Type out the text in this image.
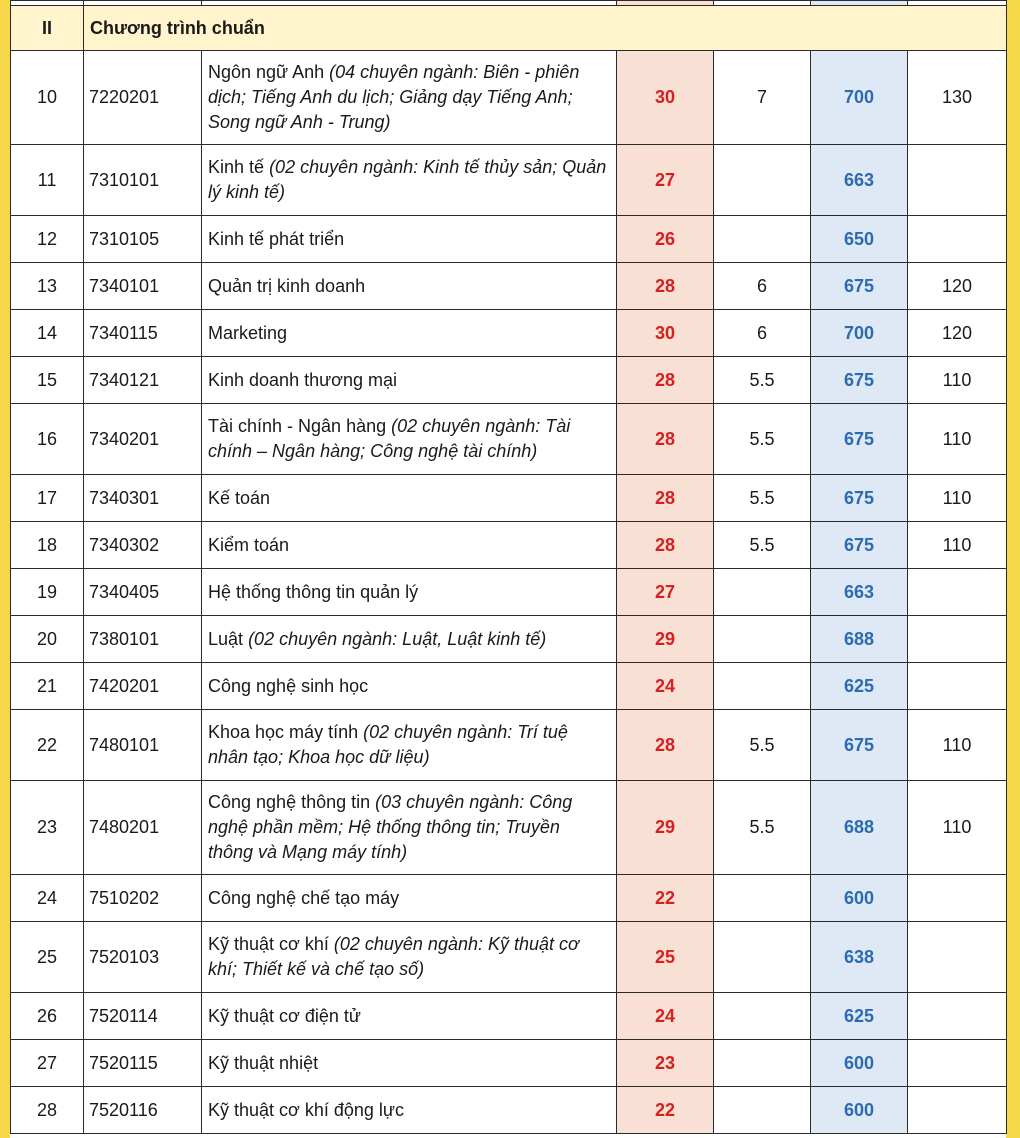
II	Chương trình chuẩn					
10	7220201	Ngôn ngữ Anh (04 chuyên ngành: Biên - phiên dịch; Tiếng Anh du lịch; Giảng dạy Tiếng Anh; Song ngữ Anh - Trung)	30	7	700	130
11	7310101	Kinh tế (02 chuyên ngành: Kinh tế thủy sản; Quản lý kinh tế)	27		663	
12	7310105	Kinh tế phát triển	26		650	
13	7340101	Quản trị kinh doanh	28	6	675	120
14	7340115	Marketing	30	6	700	120
15	7340121	Kinh doanh thương mại	28	5.5	675	110
16	7340201	Tài chính - Ngân hàng (02 chuyên ngành: Tài chính – Ngân hàng; Công nghệ tài chính)	28	5.5	675	110
17	7340301	Kế toán	28	5.5	675	110
18	7340302	Kiểm toán	28	5.5	675	110
19	7340405	Hệ thống thông tin quản lý	27		663	
20	7380101	Luật (02 chuyên ngành: Luật, Luật kinh tế)	29		688	
21	7420201	Công nghệ sinh học	24		625	
22	7480101	Khoa học máy tính (02 chuyên ngành: Trí tuệ nhân tạo; Khoa học dữ liệu)	28	5.5	675	110
23	7480201	Công nghệ thông tin (03 chuyên ngành: Công nghệ phần mềm; Hệ thống thông tin; Truyền thông và Mạng máy tính)	29	5.5	688	110
24	7510202	Công nghệ chế tạo máy	22		600	
25	7520103	Kỹ thuật cơ khí (02 chuyên ngành: Kỹ thuật cơ khí; Thiết kế và chế tạo số)	25		638	
26	7520114	Kỹ thuật cơ điện tử	24		625	
27	7520115	Kỹ thuật nhiệt	23		600	
28	7520116	Kỹ thuật cơ khí động lực	22		600	
